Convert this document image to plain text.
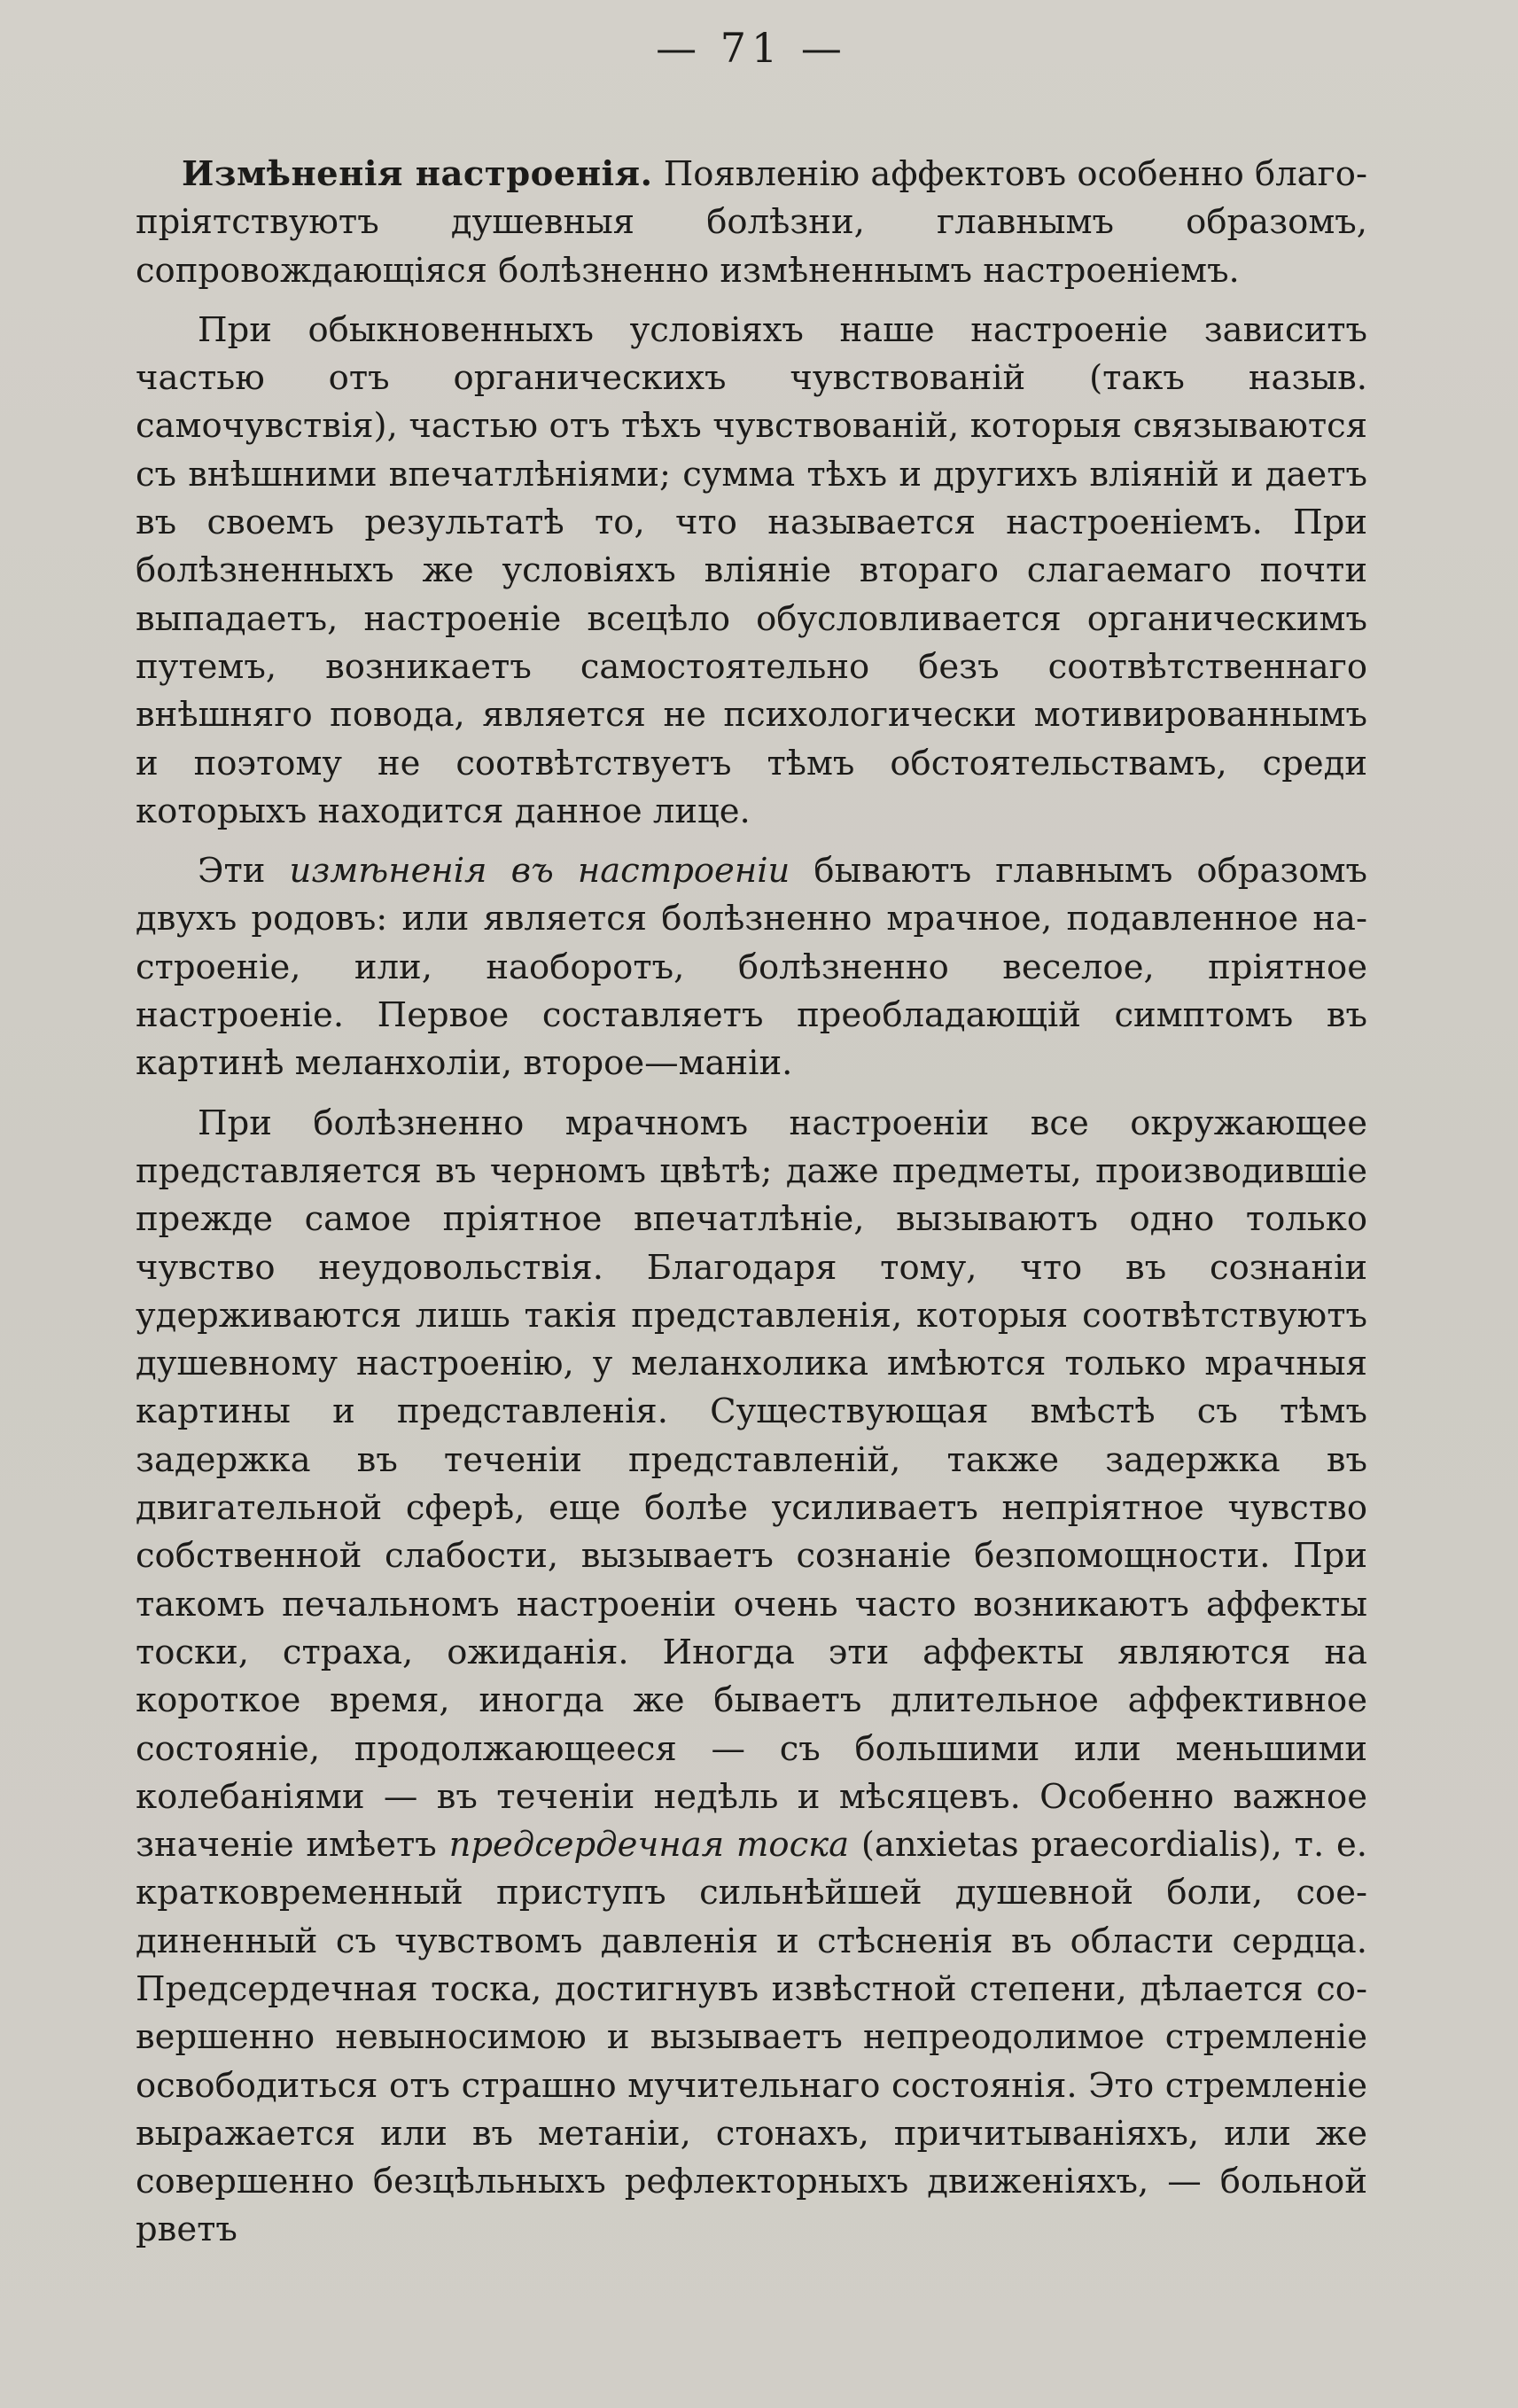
— 71 —

Измѣненія настроенія. Появленію аффектовъ особенно благопріятствуютъ душевныя болѣзни, главнымъ образомъ, сопровождающіяся болѣзненно измѣненнымъ настроеніемъ.

При обыкновенныхъ условіяхъ наше настроеніе зависитъ частью отъ органическихъ чувствованій (такъ назыв. самочувствія), частью отъ тѣхъ чувствованій, которыя связываются съ внѣшними впечатлѣніями; сумма тѣхъ и другихъ вліяній и даетъ въ своемъ результатѣ то, что называется настроеніемъ. При болѣзненныхъ же условіяхъ вліяніе втораго слагаемаго почти выпадаетъ, настроеніе всецѣло обусловливается органическимъ путемъ, возникаетъ самостоятельно безъ соотвѣтственнаго внѣшняго повода, является не психологически мотивированнымъ и поэтому не соотвѣтствуетъ тѣмъ обстоятельствамъ, среди которыхъ находится данное лице.

Эти измѣненія въ настроеніи бываютъ главнымъ образомъ двухъ родовъ: или является болѣзненно мрачное, подавленное настроеніе, или, наоборотъ, болѣзненно веселое, пріятное настроеніе. Первое составляетъ преобладающій симптомъ въ картинѣ меланхоліи, второе—маніи.

При болѣзненно мрачномъ настроеніи все окружающее представляется въ черномъ цвѣтѣ; даже предметы, производившіе прежде самое пріятное впечатлѣніе, вызываютъ одно только чувство неудовольствія. Благодаря тому, что въ сознаніи удерживаются лишь такія представленія, которыя соотвѣтствуютъ душевному настроенію, у меланхолика имѣются только мрачныя картины и представленія. Существующая вмѣстѣ съ тѣмъ задержка въ теченіи представленій, также задержка въ двигательной сферѣ, еще болѣе усиливаетъ непріятное чувство собственной слабости, вызываетъ сознаніе безпомощности. При такомъ печальномъ настроеніи очень часто возникаютъ аффекты тоски, страха, ожиданія. Иногда эти аффекты являются на короткое время, иногда же бываетъ длительное аффективное состояніе, продолжающееся — съ большими или меньшими колебаніями — въ теченіи недѣль и мѣсяцевъ. Особенно важное значеніе имѣетъ предсердечная тоска (anxietas praecordialis), т. е. кратковременный приступъ сильнѣйшей душевной боли, соединенный съ чувствомъ давленія и стѣсненія въ области сердца. Предсердечная тоска, достигнувъ извѣстной степени, дѣлается совершенно невыносимою и вызываетъ непреодолимое стремленіе освободиться отъ страшно мучительнаго состоянія. Это стремленіе выражается или въ метаніи, стонахъ, причитываніяхъ, или же совершенно безцѣльныхъ рефлекторныхъ движеніяхъ, — больной рветъ
